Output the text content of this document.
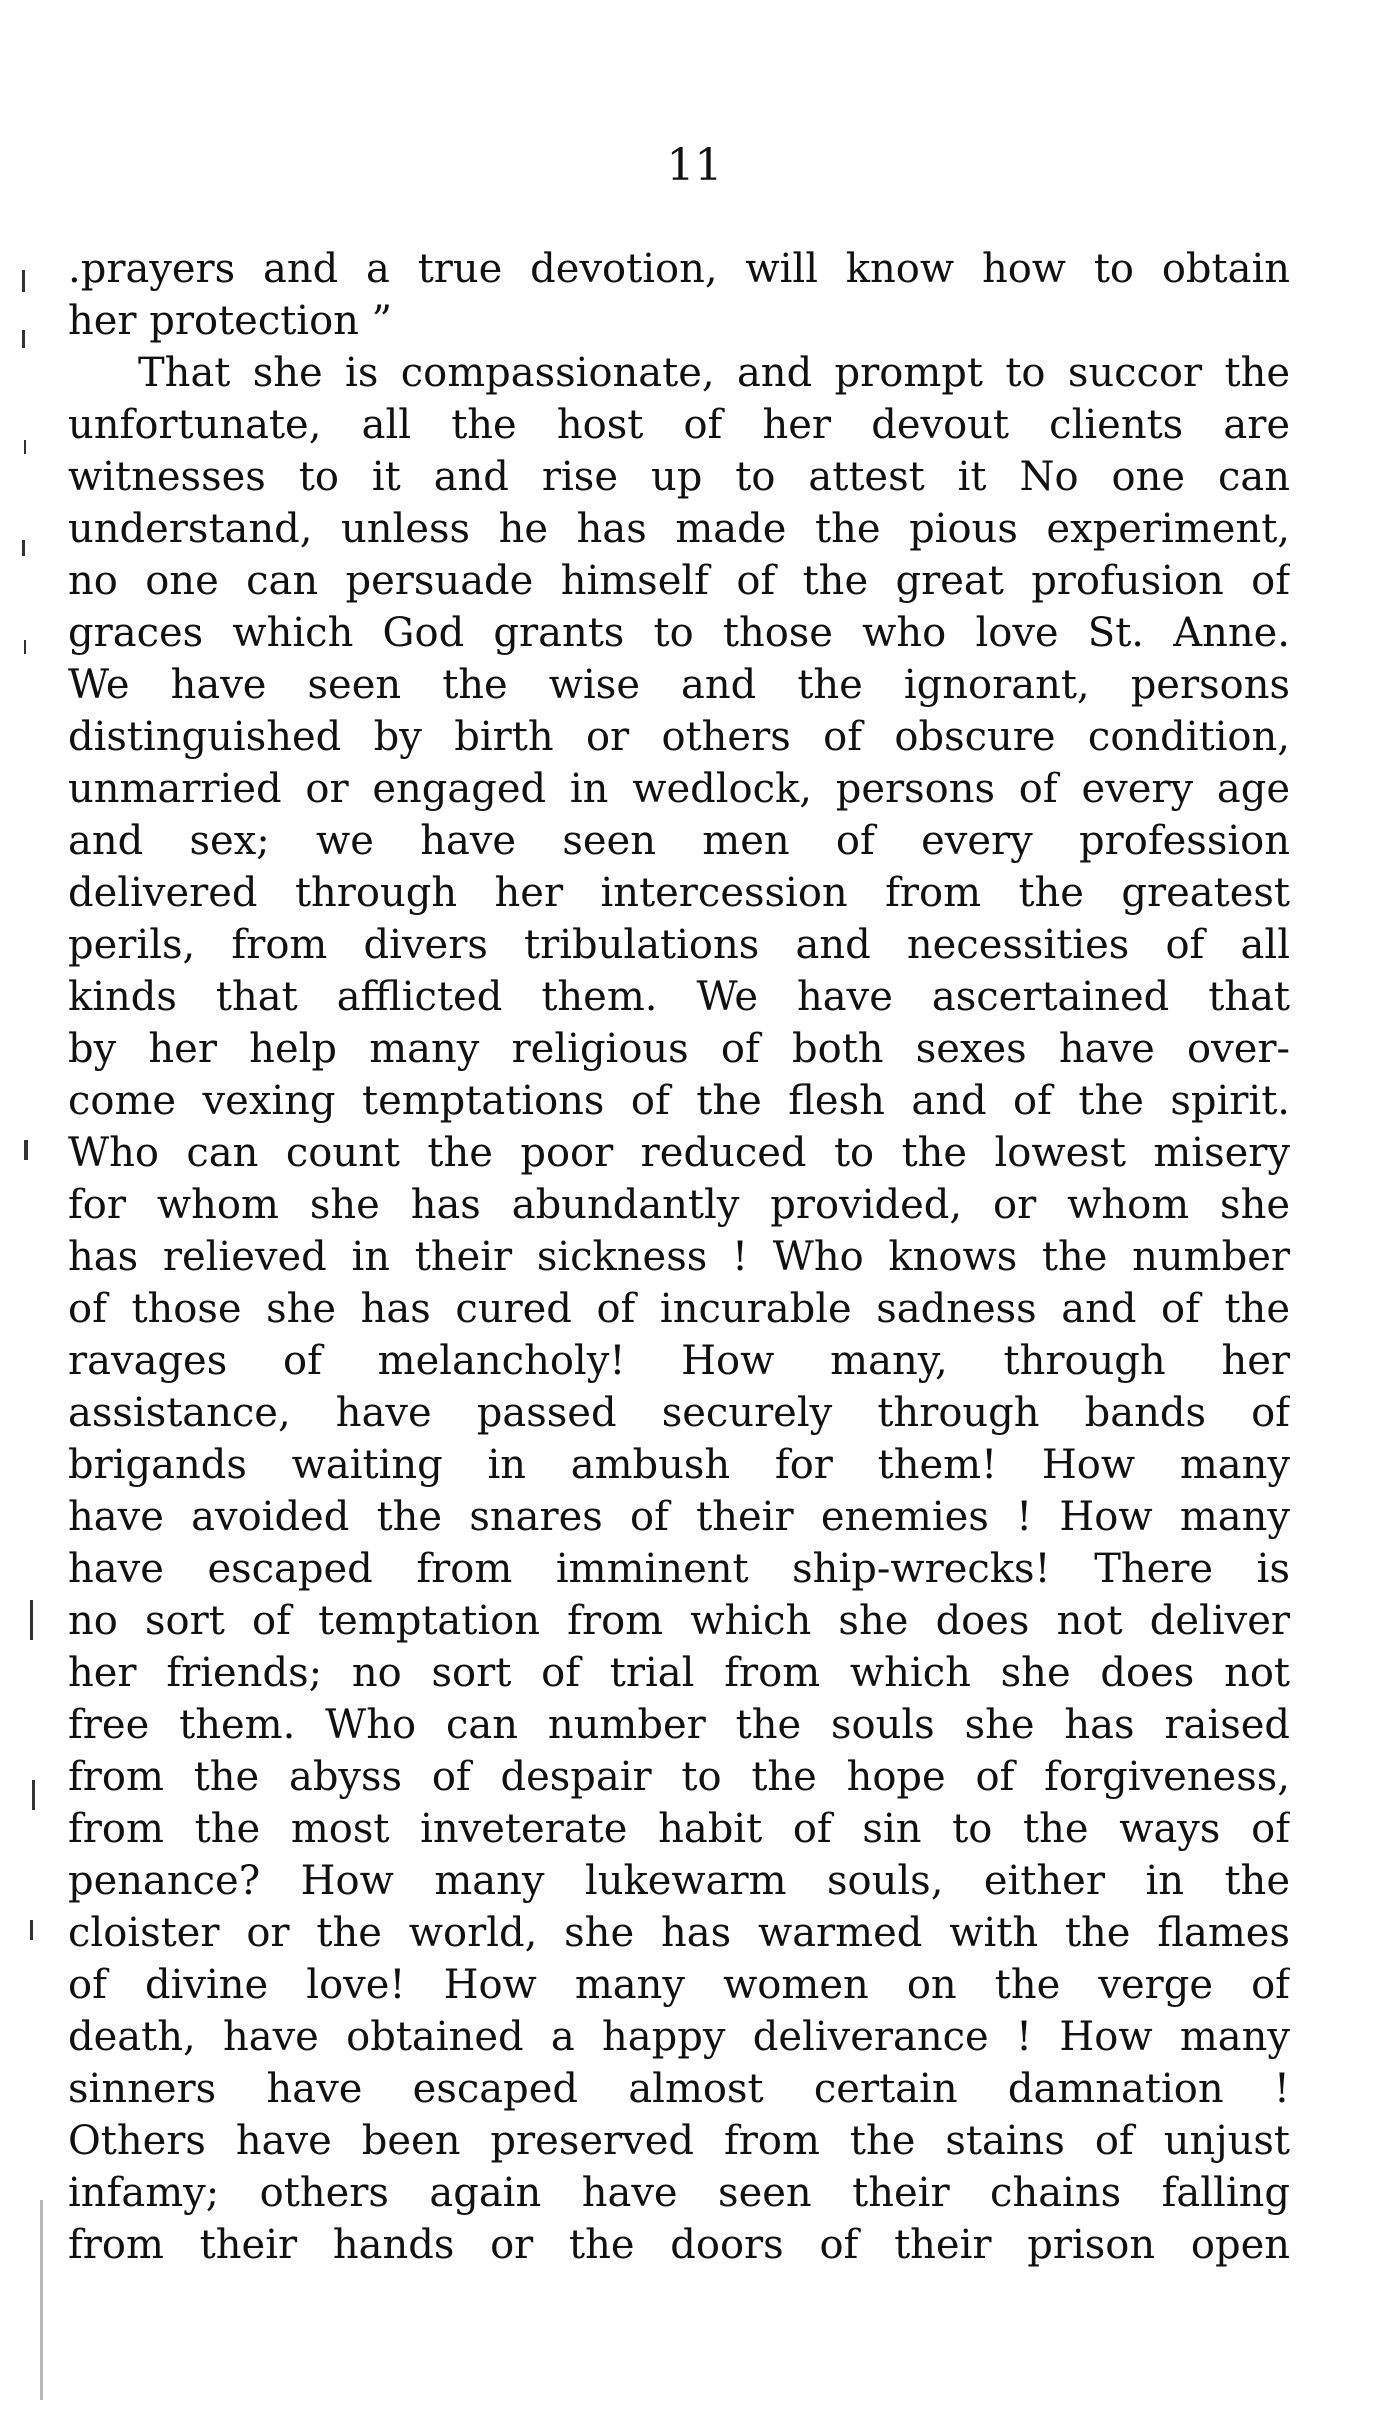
11
.prayers and a true devotion, will know how to obtain
her protection ”
That she is compassionate, and prompt to succor the
unfortunate, all the host of her devout clients are
witnesses to it and rise up to attest it No one can
understand, unless he has made the pious experiment,
no one can persuade himself of the great profusion of
graces which God grants to those who love St. Anne.
We have seen the wise and the ignorant, persons
distinguished by birth or others of obscure condition,
unmarried or engaged in wedlock, persons of every age
and sex; we have seen men of every profession
delivered through her intercession from the greatest
perils, from divers tribulations and necessities of all
kinds that afflicted them. We have ascertained that
by her help many religious of both sexes have over-
come vexing temptations of the flesh and of the spirit.
Who can count the poor reduced to the lowest misery
for whom she has abundantly provided, or whom she
has relieved in their sickness ! Who knows the number
of those she has cured of incurable sadness and of the
ravages of melancholy! How many, through her
assistance, have passed securely through bands of
brigands waiting in ambush for them! How many
have avoided the snares of their enemies ! How many
have escaped from imminent ship-wrecks! There is
no sort of temptation from which she does not deliver
her friends; no sort of trial from which she does not
free them. Who can number the souls she has raised
from the abyss of despair to the hope of forgiveness,
from the most inveterate habit of sin to the ways of
penance? How many lukewarm souls, either in the
cloister or the world, she has warmed with the flames
of divine love! How many women on the verge of
death, have obtained a happy deliverance ! How many
sinners have escaped almost certain damnation !
Others have been preserved from the stains of unjust
infamy; others again have seen their chains falling
from their hands or the doors of their prison open
